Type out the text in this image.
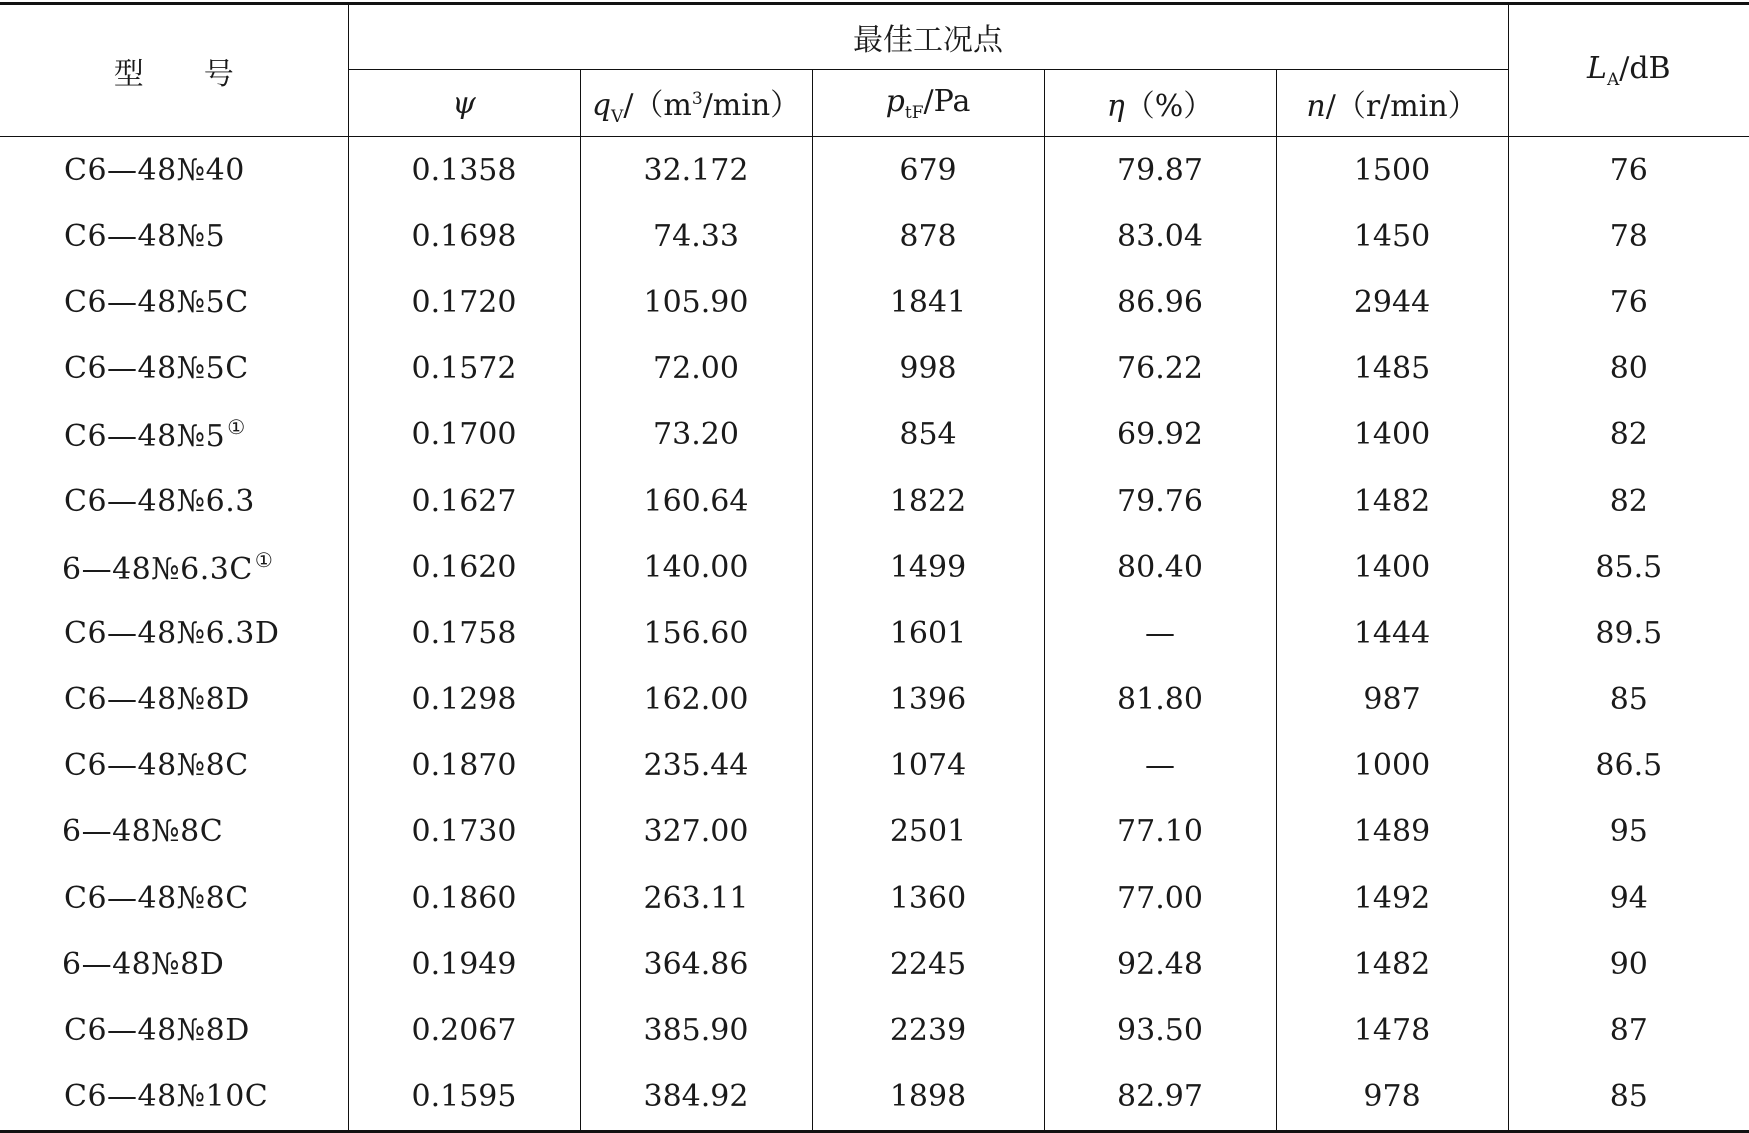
型 号	最佳工况点					$L_A/dB$
	ψ	$q_V/(m^3/\min)$	$p_{tF}/Pa$	η（%）	n/（r/min）	
C6—48№40	0.1358	32.172	679	79.87	1500	76
C6—48№5	0.1698	74.33	878	83.04	1450	78
C6—48№5C	0.1720	105.90	1841	86.96	2944	76
C6—48№5C	0.1572	72.00	998	76.22	1485	80
C6—48№5 ①	0.1700	73.20	854	69.92	1400	82
C6—48№6.3	0.1627	160.64	1822	79.76	1482	82
6—48№6.3C ①	0.1620	140.00	1499	80.40	1400	85.5
C6—48№6.3D	0.1758	156.60	1601	—	1444	89.5
C6—48№8D	0.1298	162.00	1396	81.80	987	85
C6—48№8C	0.1870	235.44	1074	—	1000	86.5
6—48№8C	0.1730	327.00	2501	77.10	1489	95
C6—48№8C	0.1860	263.11	1360	77.00	1492	94
6—48№8D	0.1949	364.86	2245	92.48	1482	90
C6—48№8D	0.2067	385.90	2239	93.50	1478	87
C6—48№10C	0.1595	384.92	1898	82.97	978	85
